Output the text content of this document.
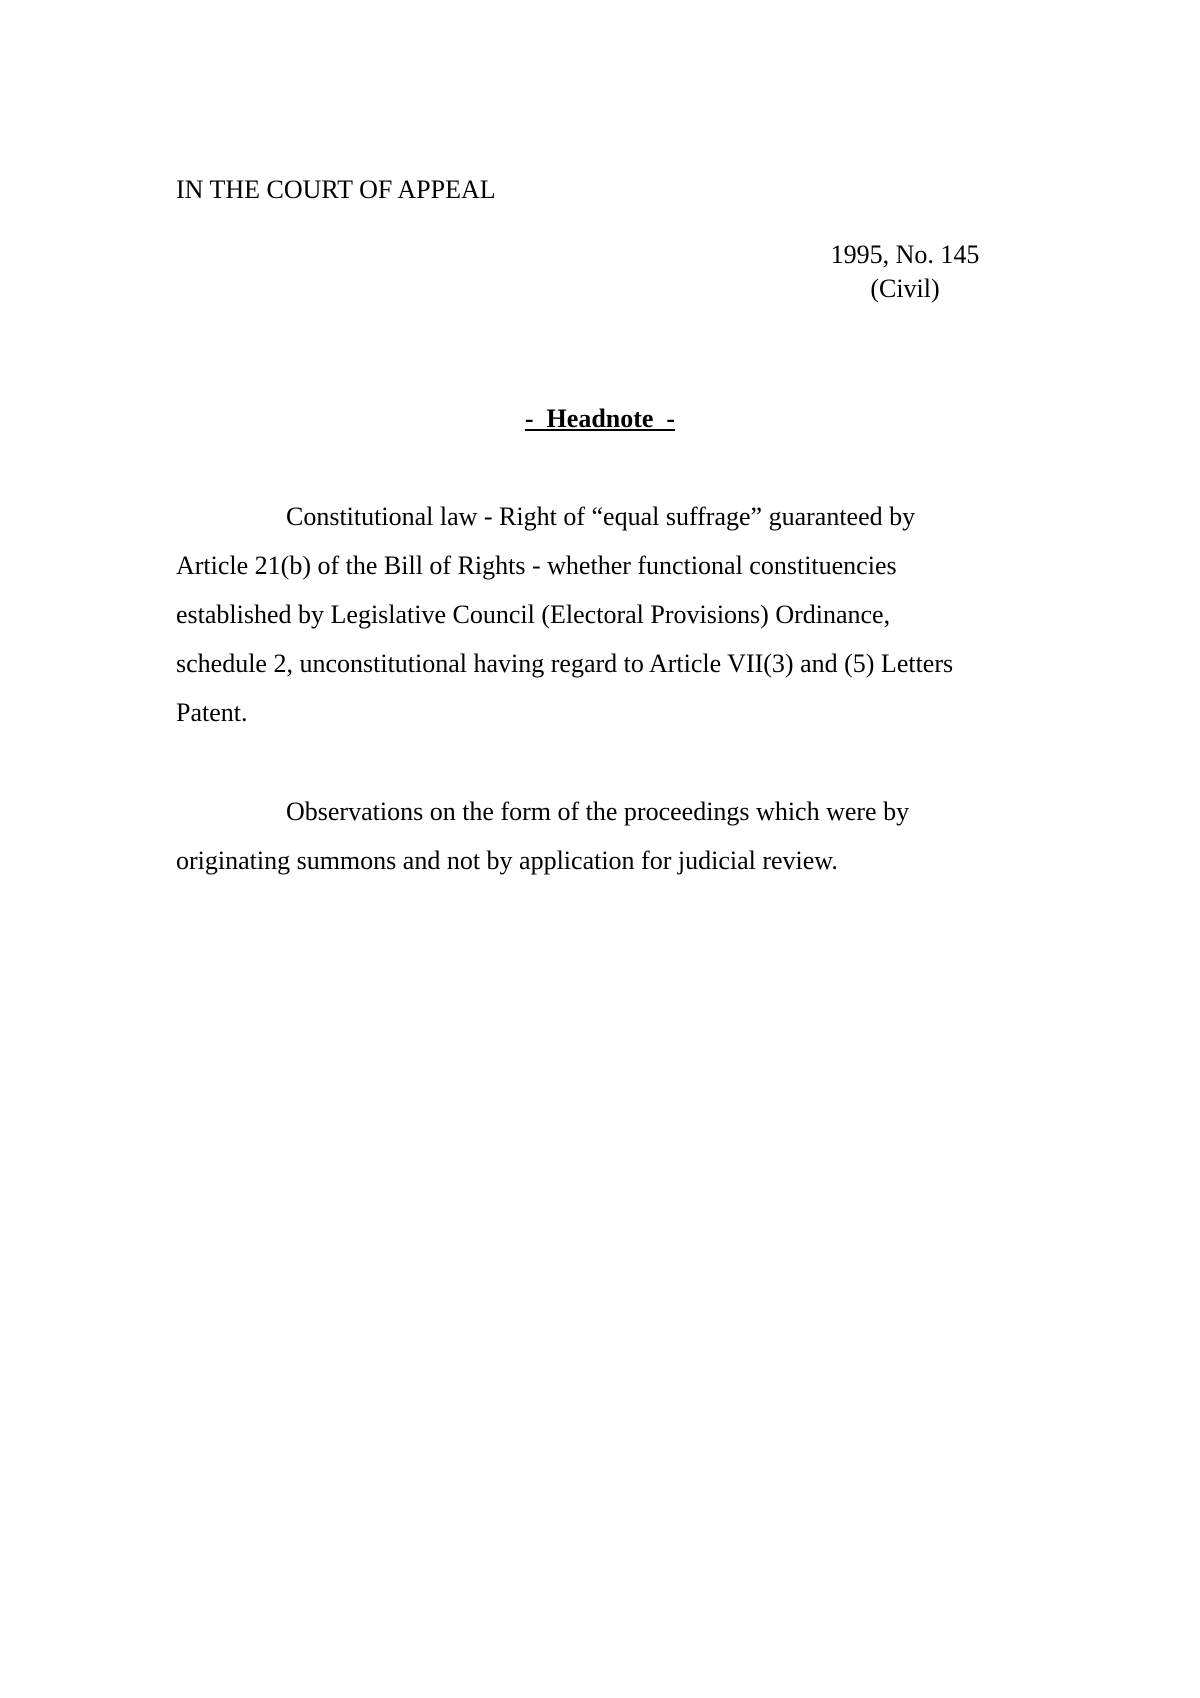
IN THE COURT OF APPEAL
1995, No. 145
(Civil)
-  Headnote  -
Constitutional law - Right of “equal suffrage” guaranteed by
Article 21(b) of the Bill of Rights - whether functional constituencies
established by Legislative Council (Electoral Provisions) Ordinance,
schedule 2, unconstitutional having regard to Article VII(3) and (5) Letters
Patent.
Observations on the form of the proceedings which were by
originating summons and not by application for judicial review.
